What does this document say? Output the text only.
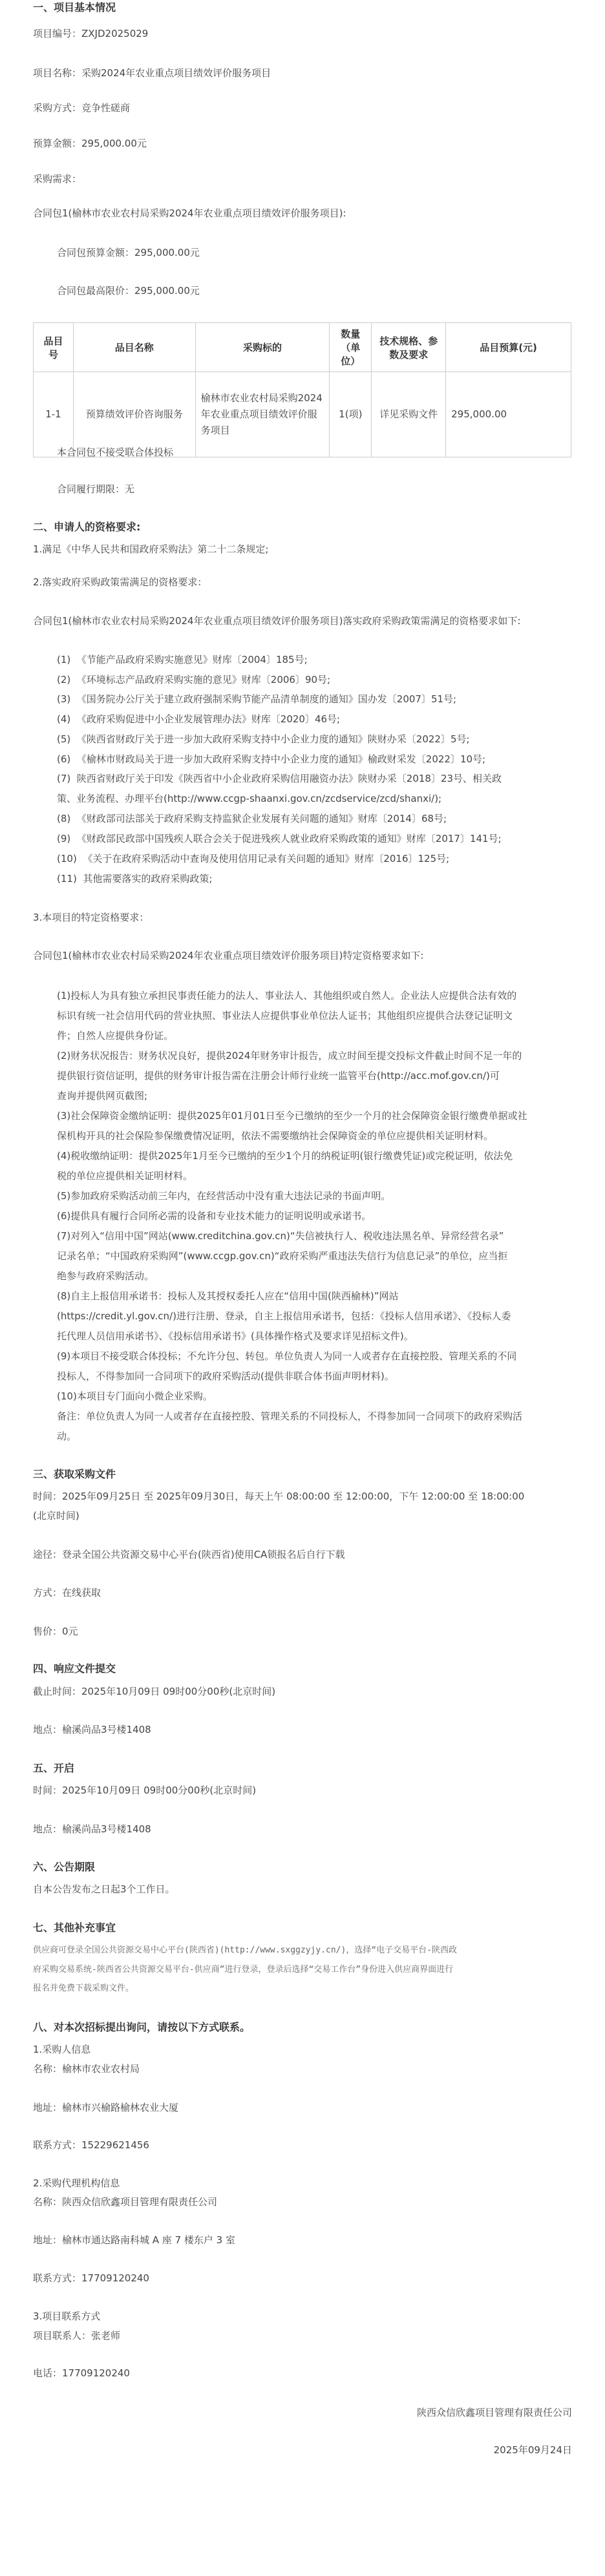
一、项目基本情况
项目编号：ZXJD2025029
项目名称：采购2024年农业重点项目绩效评价服务项目
采购方式：竞争性磋商
预算金额：295,000.00元
采购需求：
合同包1(榆林市农业农村局采购2024年农业重点项目绩效评价服务项目):
合同包预算金额：295,000.00元
合同包最高限价：295,000.00元
品目号	品目名称	采购标的	数量（单位）	技术规格、参数及要求	品目预算(元)
1-1	预算绩效评价咨询服务	榆林市农业农村局采购2024年农业重点项目绩效评价服务项目	1(项)	详见采购文件	295,000.00
本合同包不接受联合体投标
合同履行期限：无
二、申请人的资格要求:
1.满足《中华人民共和国政府采购法》第二十二条规定;
2.落实政府采购政策需满足的资格要求：
合同包1(榆林市农业农村局采购2024年农业重点项目绩效评价服务项目)落实政府采购政策需满足的资格要求如下:
(1)  《节能产品政府采购实施意见》财库〔2004〕185号;
(2)  《环境标志产品政府采购实施的意见》财库〔2006〕90号;
(3)  《国务院办公厅关于建立政府强制采购节能产品清单制度的通知》国办发〔2007〕51号;
(4)  《政府采购促进中小企业发展管理办法》财库〔2020〕46号;
(5)  《陕西省财政厅关于进一步加大政府采购支持中小企业力度的通知》陕财办采〔2022〕5号;
(6)  《榆林市财政局关于进一步加大政府采购支持中小企业力度的通知》榆政财采发〔2022〕10号;
(7)  陕西省财政厅关于印发《陕西省中小企业政府采购信用融资办法》陕财办采〔2018〕23号、相关政
策、业务流程、办理平台(http://www.ccgp-shaanxi.gov.cn/zcdservice/zcd/shanxi/);
(8)  《财政部司法部关于政府采购支持监狱企业发展有关问题的通知》财库〔2014〕68号;
(9)  《财政部民政部中国残疾人联合会关于促进残疾人就业政府采购政策的通知》财库〔2017〕141号;
(10)  《关于在政府采购活动中查询及使用信用记录有关问题的通知》财库〔2016〕125号;
(11)  其他需要落实的政府采购政策;
3.本项目的特定资格要求：
合同包1(榆林市农业农村局采购2024年农业重点项目绩效评价服务项目)特定资格要求如下:
(1)投标人为具有独立承担民事责任能力的法人、事业法人、其他组织或自然人。企业法人应提供合法有效的
标识有统一社会信用代码的营业执照、事业法人应提供事业单位法人证书；其他组织应提供合法登记证明文
件；自然人应提供身份证。
(2)财务状况报告：财务状况良好，提供2024年财务审计报告，成立时间至提交投标文件截止时间不足一年的
提供银行资信证明，提供的财务审计报告需在注册会计师行业统一监管平台(http://acc.mof.gov.cn/)可
查询并提供网页截图;
(3)社会保障资金缴纳证明：提供2025年01月01日至今已缴纳的至少一个月的社会保障资金银行缴费单据或社
保机构开具的社会保险参保缴费情况证明，依法不需要缴纳社会保障资金的单位应提供相关证明材料。
(4)税收缴纳证明：提供2025年1月至今已缴纳的至少1个月的纳税证明(银行缴费凭证)或完税证明，依法免
税的单位应提供相关证明材料。
(5)参加政府采购活动前三年内，在经营活动中没有重大违法记录的书面声明。
(6)提供具有履行合同所必需的设备和专业技术能力的证明说明或承诺书。
(7)对列入“信用中国”网站(www.creditchina.gov.cn)“失信被执行人、税收违法黑名单、异常经营名录”
记录名单；“中国政府采购网”(www.ccgp.gov.cn)“政府采购严重违法失信行为信息记录”的单位，应当拒
绝参与政府采购活动。
(8)自主上报信用承诺书：投标人及其授权委托人应在“信用中国(陕西榆林)”网站
(https://credit.yl.gov.cn/)进行注册、登录，自主上报信用承诺书，包括：《投标人信用承诺》、《投标人委
托代理人员信用承诺书》、《投标信用承诺书》(具体操作格式及要求详见招标文件)。
(9)本项目不接受联合体投标；不允许分包、转包。单位负责人为同一人或者存在直接控股、管理关系的不同
投标人，不得参加同一合同项下的政府采购活动(提供非联合体书面声明材料)。
(10)本项目专门面向小微企业采购。
备注：单位负责人为同一人或者存在直接控股、管理关系的不同投标人，不得参加同一合同项下的政府采购活
动。
三、获取采购文件
时间：2025年09月25日 至 2025年09月30日，每天上午 08:00:00 至 12:00:00，下午 12:00:00 至 18:00:00
(北京时间)
途径：登录全国公共资源交易中心平台(陕西省)使用CA锁报名后自行下载
方式：在线获取
售价：0元
四、响应文件提交
截止时间：2025年10月09日 09时00分00秒(北京时间)
地点：榆溪尚品3号楼1408
五、开启
时间：2025年10月09日 09时00分00秒(北京时间)
地点：榆溪尚品3号楼1408
六、公告期限
自本公告发布之日起3个工作日。
七、其他补充事宜
供应商可登录全国公共资源交易中心平台(陕西省)(http://www.sxggzyjy.cn/)，选择“电子交易平台-陕西政
府采购交易系统-陕西省公共资源交易平台-供应商”进行登录，登录后选择“交易工作台”身份进入供应商界面进行
报名并免费下载采购文件。
八、对本次招标提出询问，请按以下方式联系。
1.采购人信息
名称：榆林市农业农村局
地址：榆林市兴榆路榆林农业大厦
联系方式：15229621456
2.采购代理机构信息
名称：陕西众信欣鑫项目管理有限责任公司
地址：榆林市通达路南科城 A 座 7 楼东户 3 室
联系方式：17709120240
3.项目联系方式
项目联系人：张老师
电话：17709120240
陕西众信欣鑫项目管理有限责任公司
2025年09月24日
